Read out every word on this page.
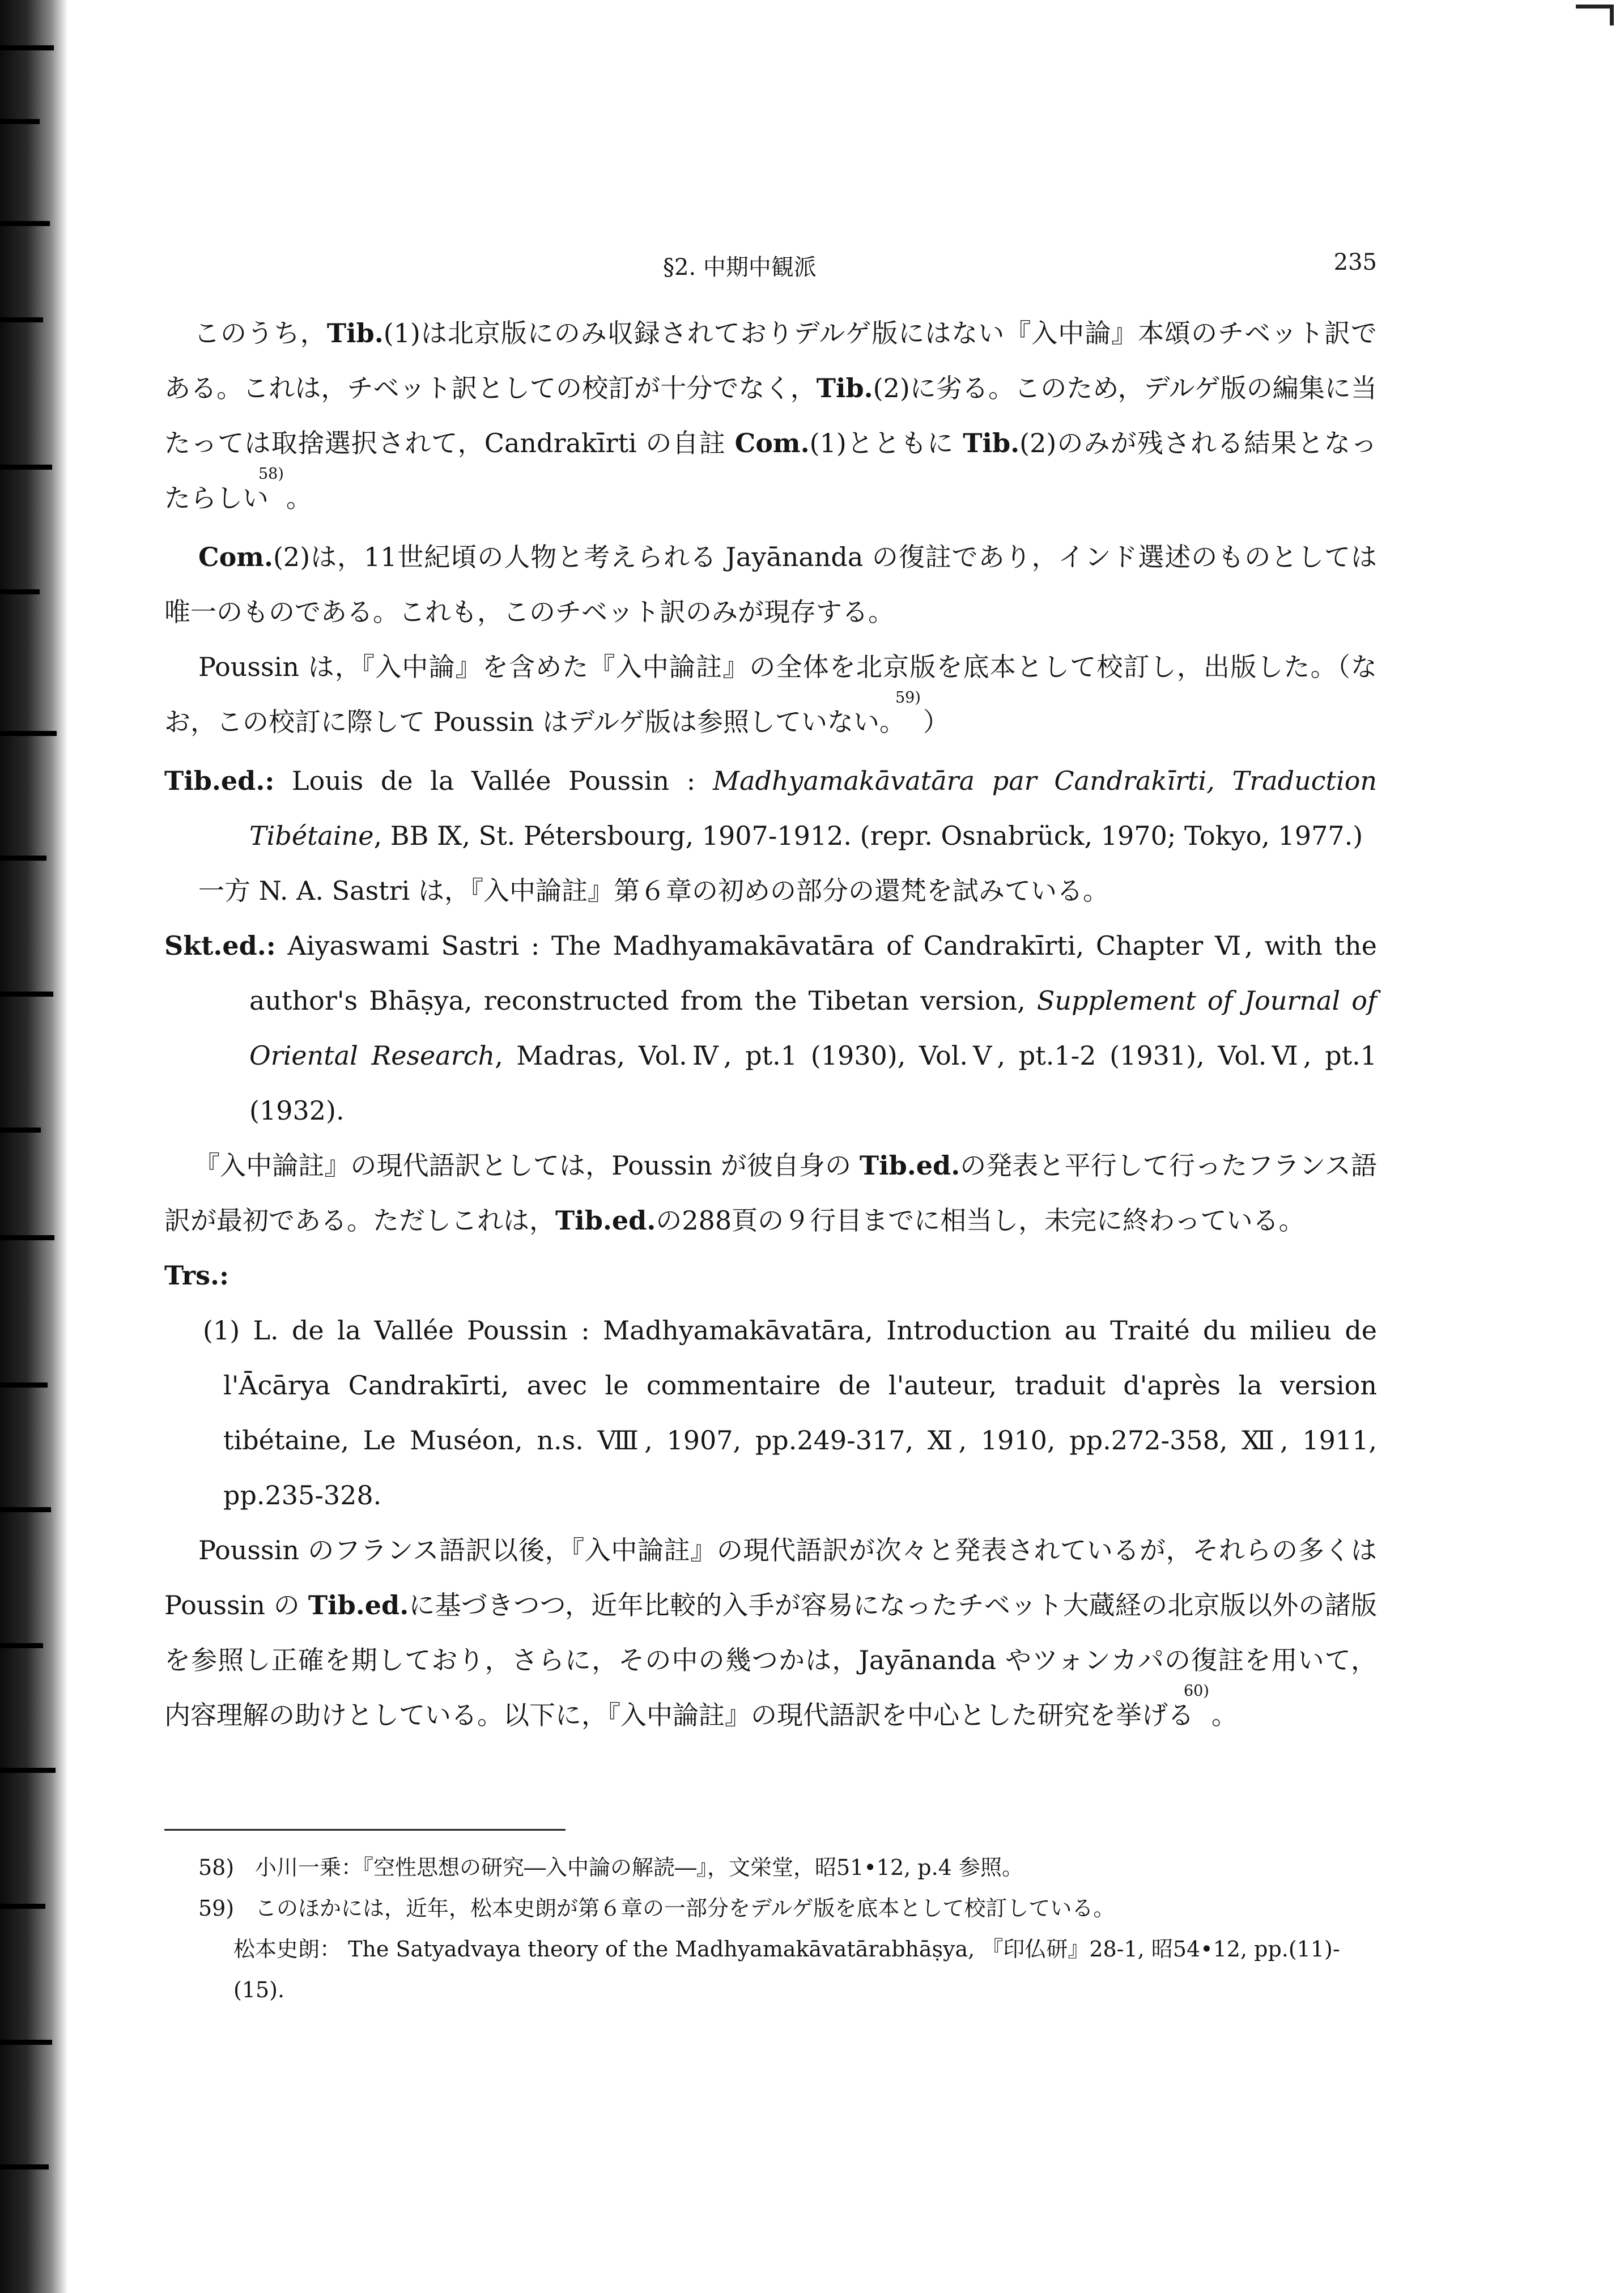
§2. 中期中観派	235

このうち，Tib.(1)は北京版にのみ収録されておりデルゲ版にはない『入中論』本頌のチベット訳である。これは，チベット訳としての校訂が十分でなく，Tib.(2)に劣る。このため，デルゲ版の編集に当たっては取捨選択されて，Candrakīrti の自註 Com.(1)とともに Tib.(2)のみが残される結果となったらしい$^{58)}$。

Com.(2)は，11世紀頃の人物と考えられる Jayānanda の復註であり，インド選述のものとしては唯一のものである。これも，このチベット訳のみが現存する。

Poussin は，『入中論』を含めた『入中論註』の全体を北京版を底本として校訂し，出版した。（なお，この校訂に際して Poussin はデルゲ版は参照していない。$^{59)}$）

Tib.ed.: Louis de la Vallée Poussin : Madhyamakāvatāra par Candrakīrti, Traduction Tibétaine, BB Ⅸ, St. Pétersbourg, 1907-1912. (repr. Osnabrück, 1970; Tokyo, 1977.)

一方 N. A. Sastri は，『入中論註』第６章の初めの部分の還梵を試みている。

Skt.ed.: Aiyaswami Sastri : The Madhyamakāvatāra of Candrakīrti, Chapter Ⅵ, with the author's Bhāṣya, reconstructed from the Tibetan version, Supplement of Journal of Oriental Research, Madras, Vol.Ⅳ, pt.1 (1930), Vol.Ⅴ, pt.1-2 (1931), Vol.Ⅵ, pt.1 (1932).

『入中論註』の現代語訳としては，Poussin が彼自身の Tib.ed.の発表と平行して行ったフランス語訳が最初である。ただしこれは，Tib.ed.の288頁の９行目までに相当し，未完に終わっている。

Trs.:

(1) L. de la Vallée Poussin : Madhyamakāvatāra, Introduction au Traité du milieu de l'Ācārya Candrakīrti, avec le commentaire de l'auteur, traduit d'après la version tibétaine, Le Muséon, n.s. Ⅷ, 1907, pp.249-317, Ⅺ, 1910, pp.272-358, Ⅻ, 1911, pp.235-328.

Poussin のフランス語訳以後，『入中論註』の現代語訳が次々と発表されているが，それらの多くは Poussin の Tib.ed.に基づきつつ，近年比較的入手が容易になったチベット大蔵経の北京版以外の諸版を参照し正確を期しており，さらに，その中の幾つかは，Jayānanda やツォンカパの復註を用いて，内容理解の助けとしている。以下に，『入中論註』の現代語訳を中心とした研究を挙げる$^{60)}$。

58) 小川一乗：『空性思想の研究―入中論の解読―』，文栄堂，昭51•12, p.4 参照。

59) このほかには，近年，松本史朗が第６章の一部分をデルゲ版を底本として校訂している。

松本史朗： The Satyadvaya theory of the Madhyamakāvatārabhāṣya, 『印仏研』28-1, 昭54•12, pp.(11)-(15).
